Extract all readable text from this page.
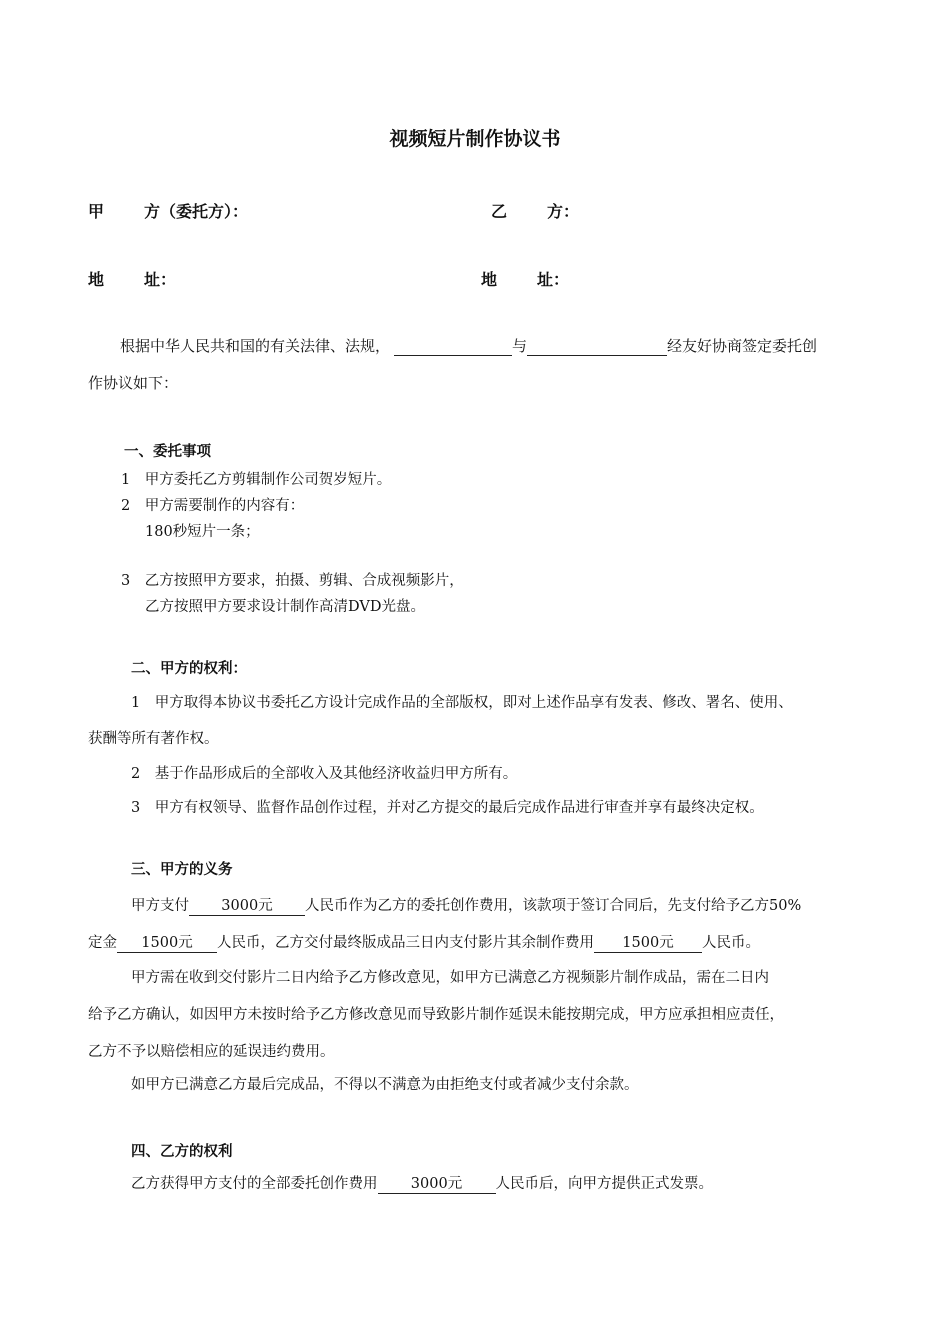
视频短片制作协议书
甲 方（委托方）：	乙 方：
地 址：	地 址：
根据中华人民共和国的有关法律、法规，	与	经友好协商签定委托创
作协议如下：
一、委托事项
1　甲方委托乙方剪辑制作公司贺岁短片。
2　甲方需要制作的内容有：
180秒短片一条；
3　乙方按照甲方要求，拍摄、剪辑、合成视频影片，
乙方按照甲方要求设计制作高清DVD光盘。
二、甲方的权利：
1　甲方取得本协议书委托乙方设计完成作品的全部版权，即对上述作品享有发表、修改、署名、使用、
获酬等所有著作权。
2　基于作品形成后的全部收入及其他经济收益归甲方所有。
3　甲方有权领导、监督作品创作过程，并对乙方提交的最后完成作品进行审查并享有最终决定权。
三、甲方的义务
甲方支付 3000元 人民币作为乙方的委托创作费用，该款项于签订合同后，先支付给予乙方50%
定金 1500元 人民币，乙方交付最终版成品三日内支付影片其余制作费用 1500元 人民币。
甲方需在收到交付影片二日内给予乙方修改意见，如甲方已满意乙方视频影片制作成品，需在二日内
给予乙方确认，如因甲方未按时给予乙方修改意见而导致影片制作延误未能按期完成，甲方应承担相应责任，
乙方不予以赔偿相应的延误违约费用。
如甲方已满意乙方最后完成品，不得以不满意为由拒绝支付或者减少支付余款。
四、乙方的权利
乙方获得甲方支付的全部委托创作费用 3000元 人民币后，向甲方提供正式发票。
